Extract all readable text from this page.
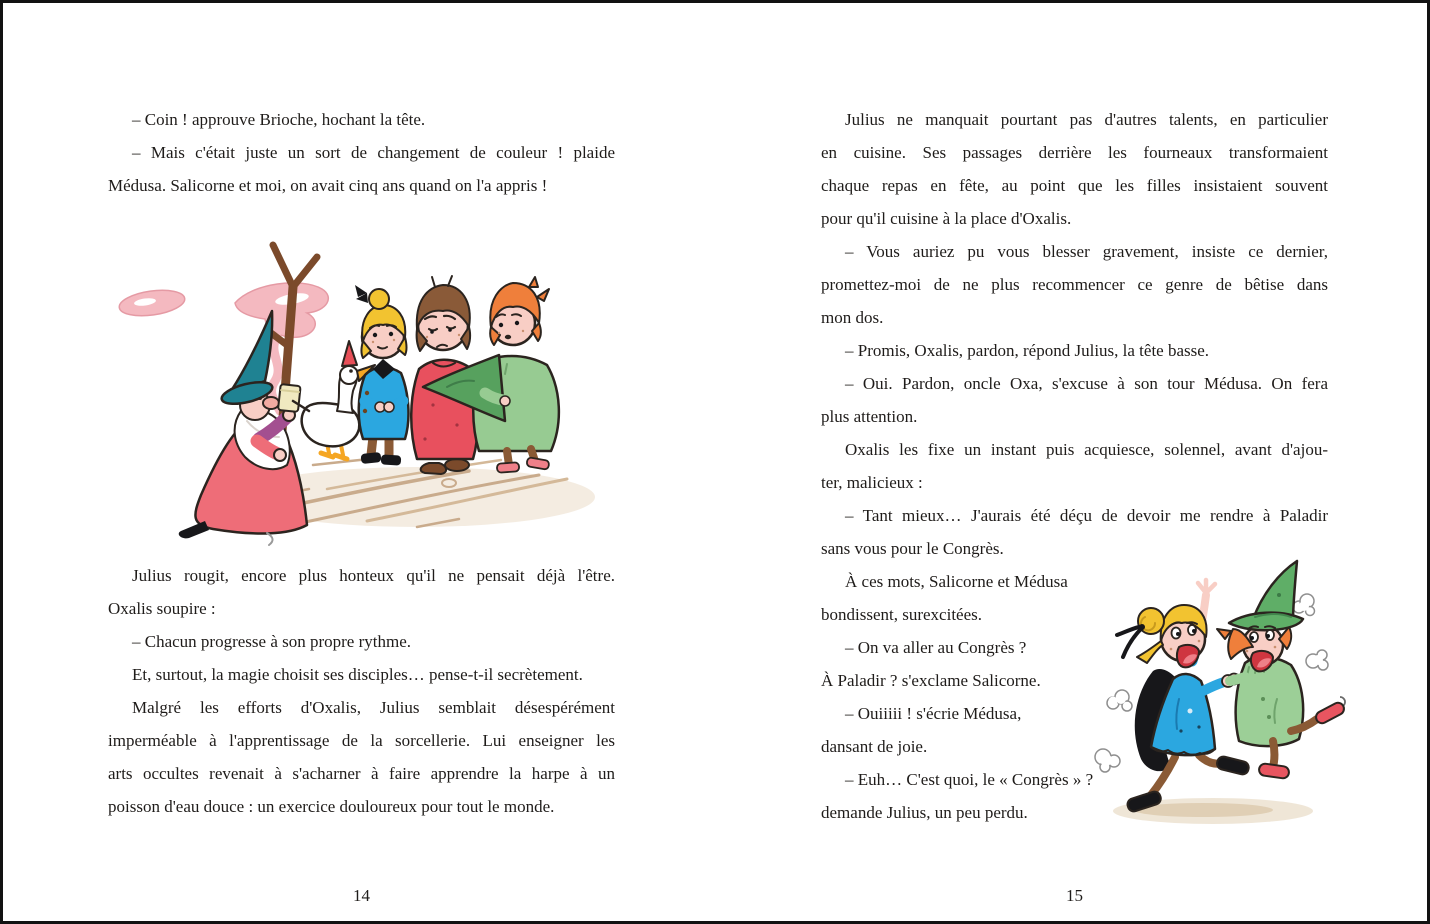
– Coin ! approuve Brioche, hochant la tête.
– Mais c'était juste un sort de changement de couleur ! plaide
Médusa. Salicorne et moi, on avait cinq ans quand on l'a appris !
Julius rougit, encore plus honteux qu'il ne pensait déjà l'être.
Oxalis soupire :
– Chacun progresse à son propre rythme.
Et, surtout, la magie choisit ses disciples… pense-t-il secrètement.
Malgré les efforts d'Oxalis, Julius semblait désespérément
imperméable à l'apprentissage de la sorcellerie. Lui enseigner les
arts occultes revenait à s'acharner à faire apprendre la harpe à un
poisson d'eau douce : un exercice douloureux pour tout le monde.
14
Julius ne manquait pourtant pas d'autres talents, en particulier
en cuisine. Ses passages derrière les fourneaux transformaient
chaque repas en fête, au point que les filles insistaient souvent
pour qu'il cuisine à la place d'Oxalis.
– Vous auriez pu vous blesser gravement, insiste ce dernier,
promettez-moi de ne plus recommencer ce genre de bêtise dans
mon dos.
– Promis, Oxalis, pardon, répond Julius, la tête basse.
– Oui. Pardon, oncle Oxa, s'excuse à son tour Médusa. On fera
plus attention.
Oxalis les fixe un instant puis acquiesce, solennel, avant d'ajou-
ter, malicieux :
– Tant mieux… J'aurais été déçu de devoir me rendre à Paladir
sans vous pour le Congrès.
À ces mots, Salicorne et Médusa
bondissent, surexcitées.
– On va aller au Congrès ?
À Paladir ? s'exclame Salicorne.
– Ouiiiii ! s'écrie Médusa,
dansant de joie.
– Euh… C'est quoi, le « Congrès » ?
demande Julius, un peu perdu.
15
